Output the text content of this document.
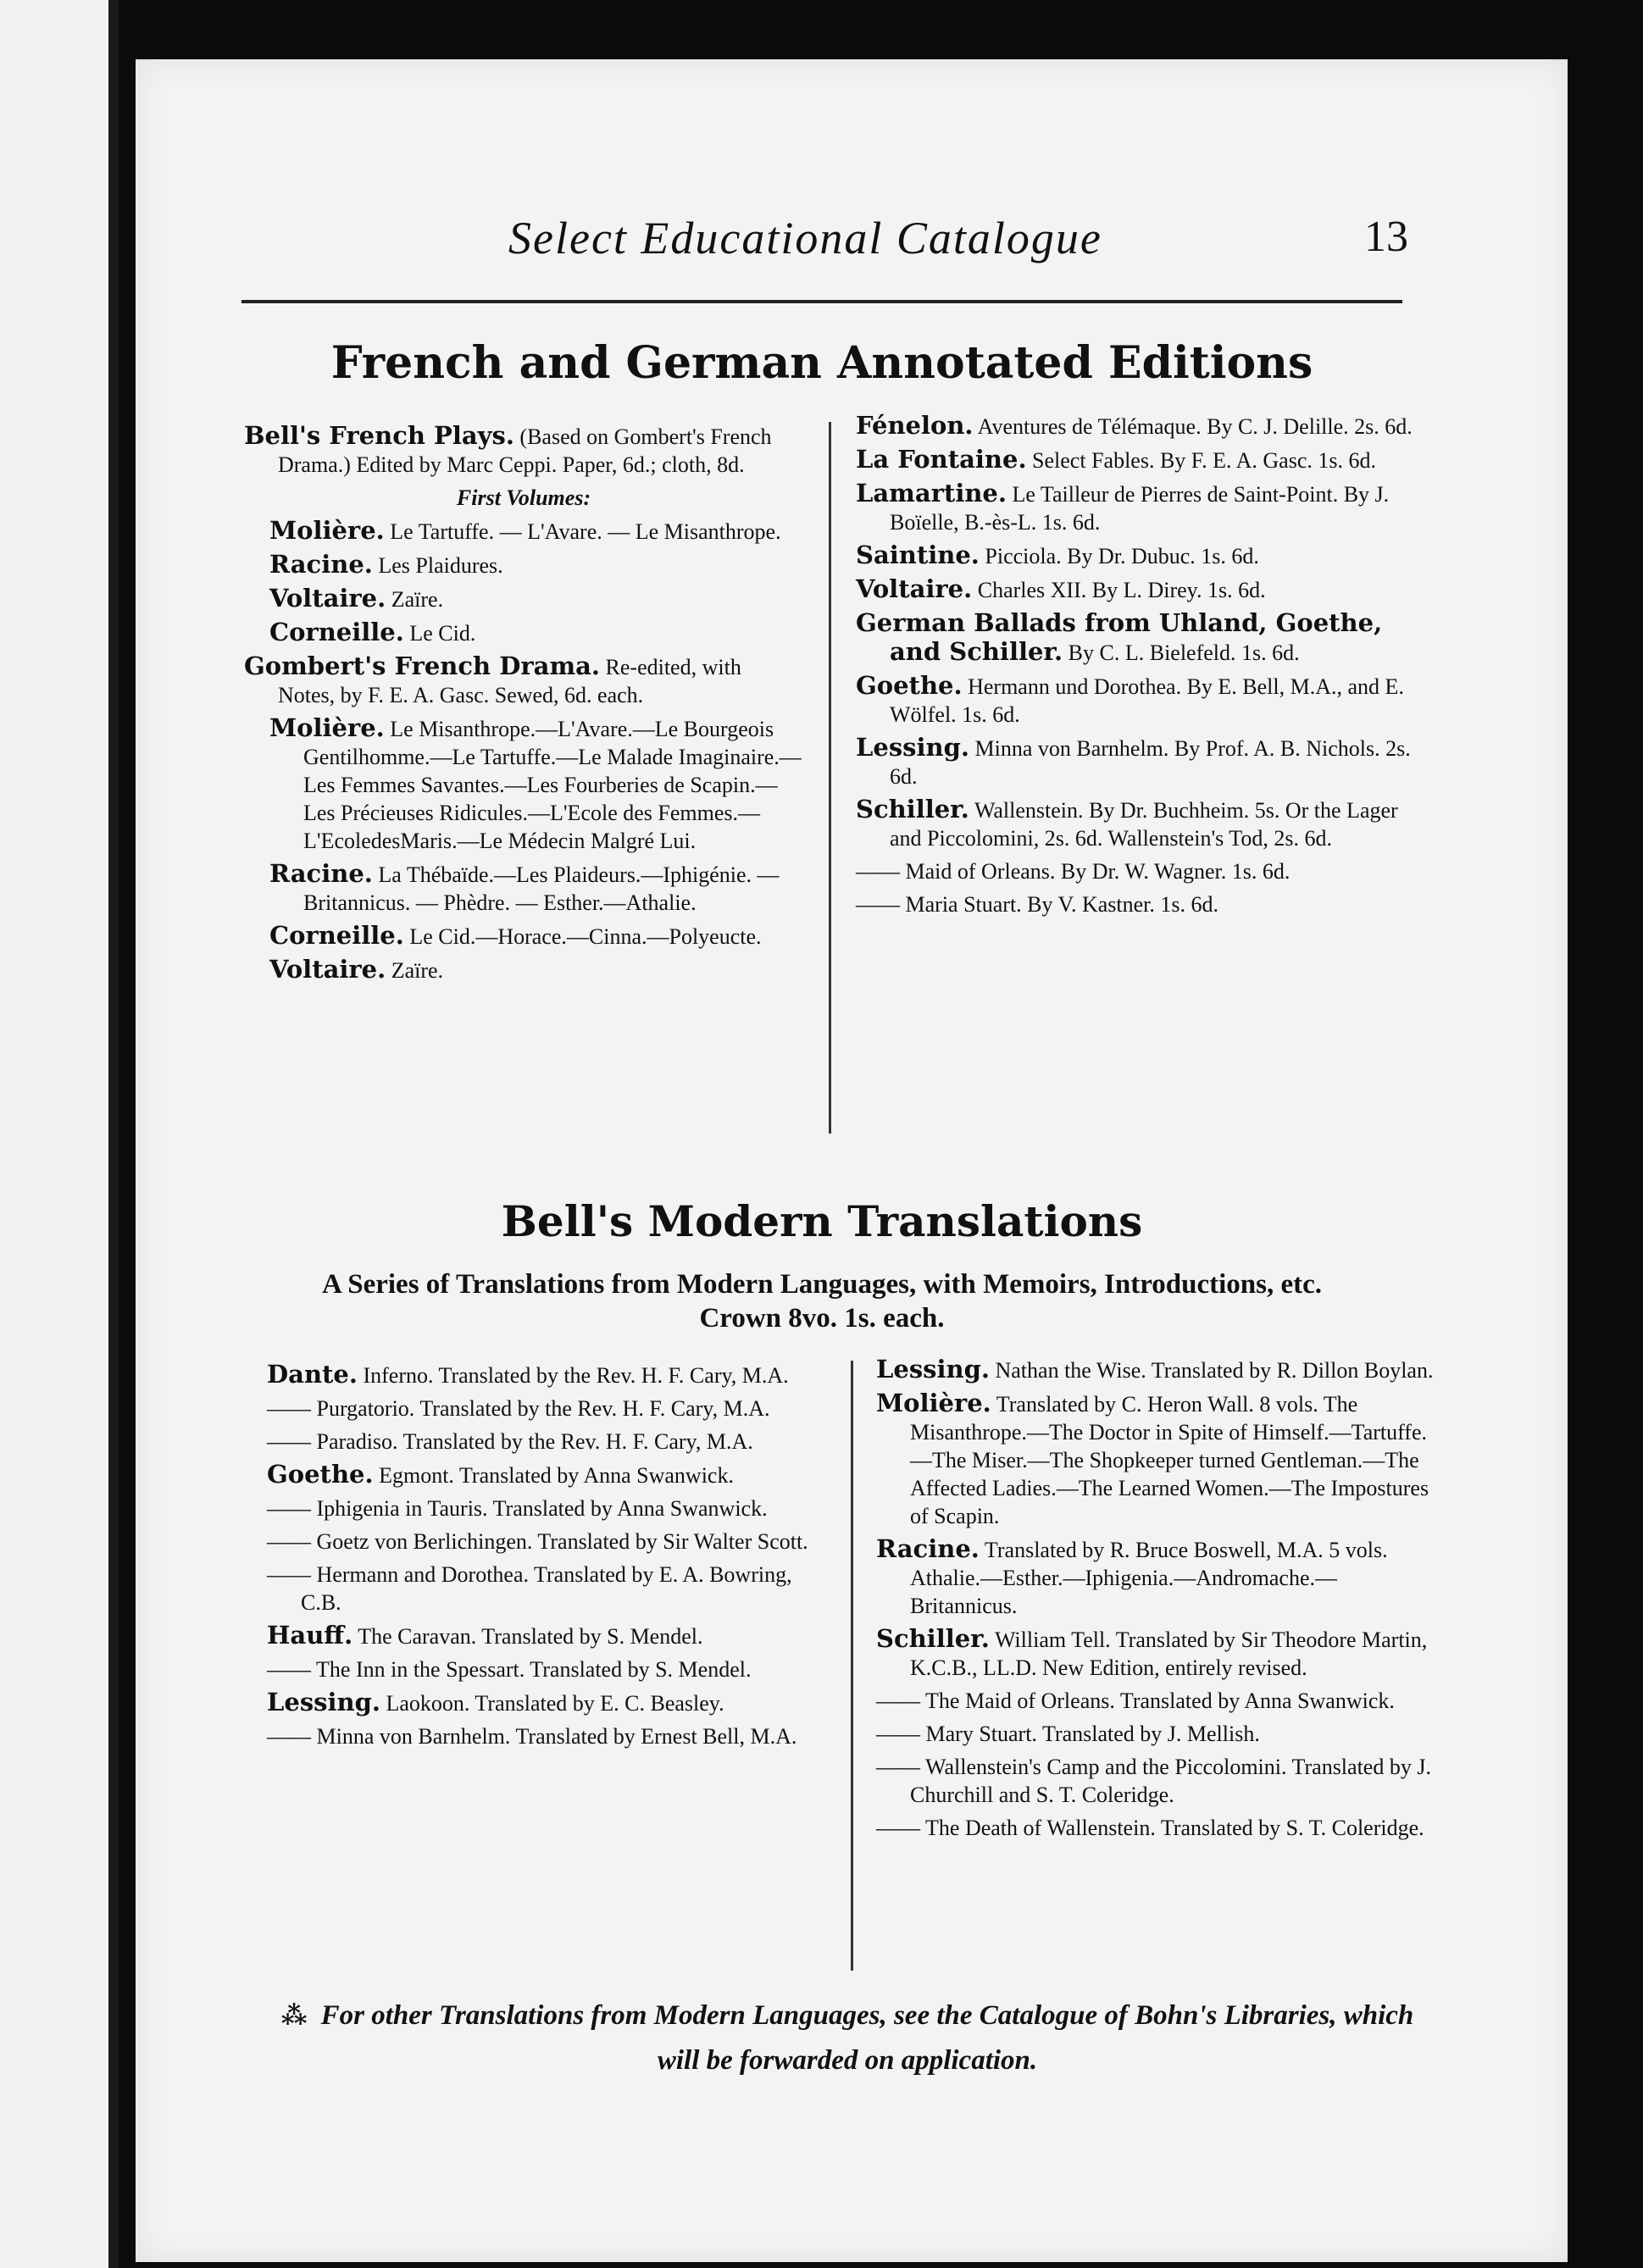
Select Educational Catalogue	13
French and German Annotated Editions
Bell's French Plays. (Based on Gombert's French Drama.) Edited by Marc Ceppi. Paper, 6d.; cloth, 8d.
First Volumes:
Molière. Le Tartuffe. — L'Avare. — Le Misanthrope.
Racine. Les Plaidures.
Voltaire. Zaïre.
Corneille. Le Cid.
Gombert's French Drama. Re-edited, with Notes, by F. E. A. Gasc. Sewed, 6d. each.
Molière. Le Misanthrope.—L'Avare.—Le Bourgeois Gentilhomme.—Le Tartuffe.—Le Malade Imaginaire.—Les Femmes Savantes.—Les Fourberies de Scapin.—Les Précieuses Ridicules.—L'Ecole des Femmes.—L'EcoledesMaris.—Le Médecin Malgré Lui.
Racine. La Thébaïde.—Les Plaideurs.—Iphigénie. — Britannicus. — Phèdre. — Esther.—Athalie.
Corneille. Le Cid.—Horace.—Cinna.—Polyeucte.
Voltaire. Zaïre.
Fénelon. Aventures de Télémaque. By C. J. Delille. 2s. 6d.
La Fontaine. Select Fables. By F. E. A. Gasc. 1s. 6d.
Lamartine. Le Tailleur de Pierres de Saint-Point. By J. Boïelle, B.-ès-L. 1s. 6d.
Saintine. Picciola. By Dr. Dubuc. 1s. 6d.
Voltaire. Charles XII. By L. Direy. 1s. 6d.
German Ballads from Uhland, Goethe, and Schiller. By C. L. Bielefeld. 1s. 6d.
Goethe. Hermann und Dorothea. By E. Bell, M.A., and E. Wölfel. 1s. 6d.
Lessing. Minna von Barnhelm. By Prof. A. B. Nichols. 2s. 6d.
Schiller. Wallenstein. By Dr. Buchheim. 5s. Or the Lager and Piccolomini, 2s. 6d. Wallenstein's Tod, 2s. 6d.
—— Maid of Orleans. By Dr. W. Wagner. 1s. 6d.
—— Maria Stuart. By V. Kastner. 1s. 6d.
Bell's Modern Translations
A Series of Translations from Modern Languages, with Memoirs, Introductions, etc.
Crown 8vo. 1s. each.
Dante. Inferno. Translated by the Rev. H. F. Cary, M.A.
—— Purgatorio. Translated by the Rev. H. F. Cary, M.A.
—— Paradiso. Translated by the Rev. H. F. Cary, M.A.
Goethe. Egmont. Translated by Anna Swanwick.
—— Iphigenia in Tauris. Translated by Anna Swanwick.
—— Goetz von Berlichingen. Translated by Sir Walter Scott.
—— Hermann and Dorothea. Translated by E. A. Bowring, C.B.
Hauff. The Caravan. Translated by S. Mendel.
—— The Inn in the Spessart. Translated by S. Mendel.
Lessing. Laokoon. Translated by E. C. Beasley.
—— Minna von Barnhelm. Translated by Ernest Bell, M.A.
Lessing. Nathan the Wise. Translated by R. Dillon Boylan.
Molière. Translated by C. Heron Wall. 8 vols. The Misanthrope.—The Doctor in Spite of Himself.—Tartuffe.—The Miser.—The Shopkeeper turned Gentleman.—The Affected Ladies.—The Learned Women.—The Impostures of Scapin.
Racine. Translated by R. Bruce Boswell, M.A. 5 vols. Athalie.—Esther.—Iphigenia.—Andromache.—Britannicus.
Schiller. William Tell. Translated by Sir Theodore Martin, K.C.B., LL.D. New Edition, entirely revised.
—— The Maid of Orleans. Translated by Anna Swanwick.
—— Mary Stuart. Translated by J. Mellish.
—— Wallenstein's Camp and the Piccolomini. Translated by J. Churchill and S. T. Coleridge.
—— The Death of Wallenstein. Translated by S. T. Coleridge.
⁂ For other Translations from Modern Languages, see the Catalogue of Bohn's Libraries, which will be forwarded on application.
